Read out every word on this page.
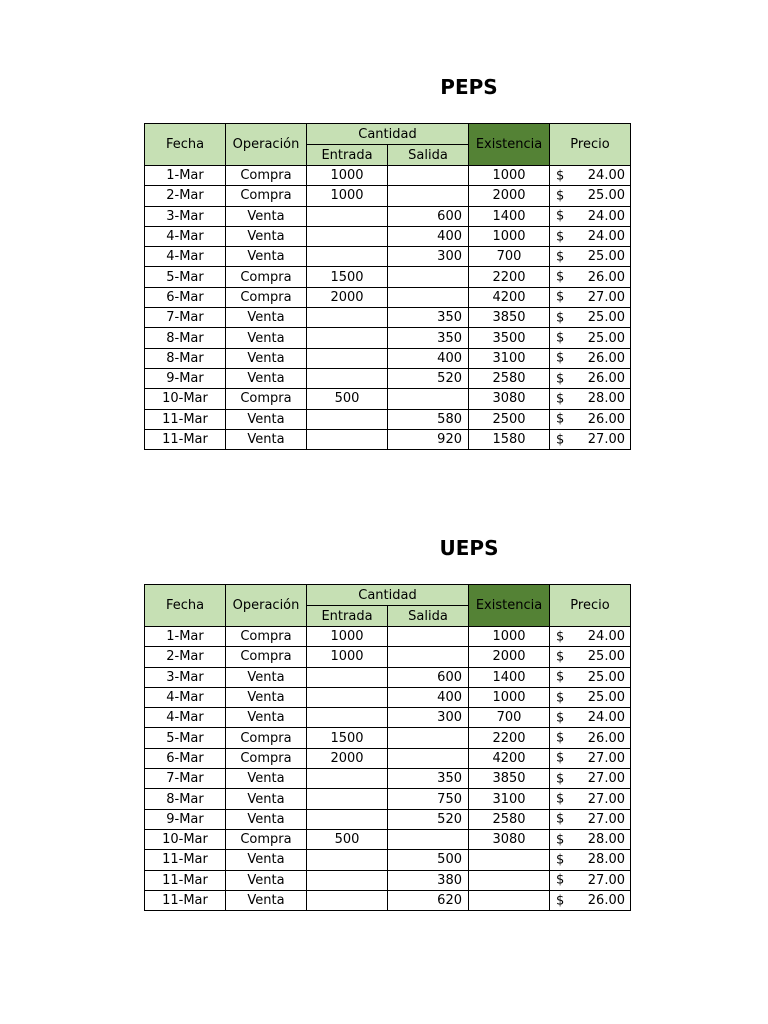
PEPS
Fecha	Operación	Cantidad		Existencia	Precio
		Entrada	Salida		
1-Mar	Compra	1000		1000	$ 24.00
2-Mar	Compra	1000		2000	$ 25.00
3-Mar	Venta		600	1400	$ 24.00
4-Mar	Venta		400	1000	$ 24.00
4-Mar	Venta		300	700	$ 25.00
5-Mar	Compra	1500		2200	$ 26.00
6-Mar	Compra	2000		4200	$ 27.00
7-Mar	Venta		350	3850	$ 25.00
8-Mar	Venta		350	3500	$ 25.00
8-Mar	Venta		400	3100	$ 26.00
9-Mar	Venta		520	2580	$ 26.00
10-Mar	Compra	500		3080	$ 28.00
11-Mar	Venta		580	2500	$ 26.00
11-Mar	Venta		920	1580	$ 27.00
UEPS
Fecha	Operación	Cantidad		Existencia	Precio
		Entrada	Salida		
1-Mar	Compra	1000		1000	$ 24.00
2-Mar	Compra	1000		2000	$ 25.00
3-Mar	Venta		600	1400	$ 25.00
4-Mar	Venta		400	1000	$ 25.00
4-Mar	Venta		300	700	$ 24.00
5-Mar	Compra	1500		2200	$ 26.00
6-Mar	Compra	2000		4200	$ 27.00
7-Mar	Venta		350	3850	$ 27.00
8-Mar	Venta		750	3100	$ 27.00
9-Mar	Venta		520	2580	$ 27.00
10-Mar	Compra	500		3080	$ 28.00
11-Mar	Venta		500		$ 28.00
11-Mar	Venta		380		$ 27.00
11-Mar	Venta		620		$ 26.00
